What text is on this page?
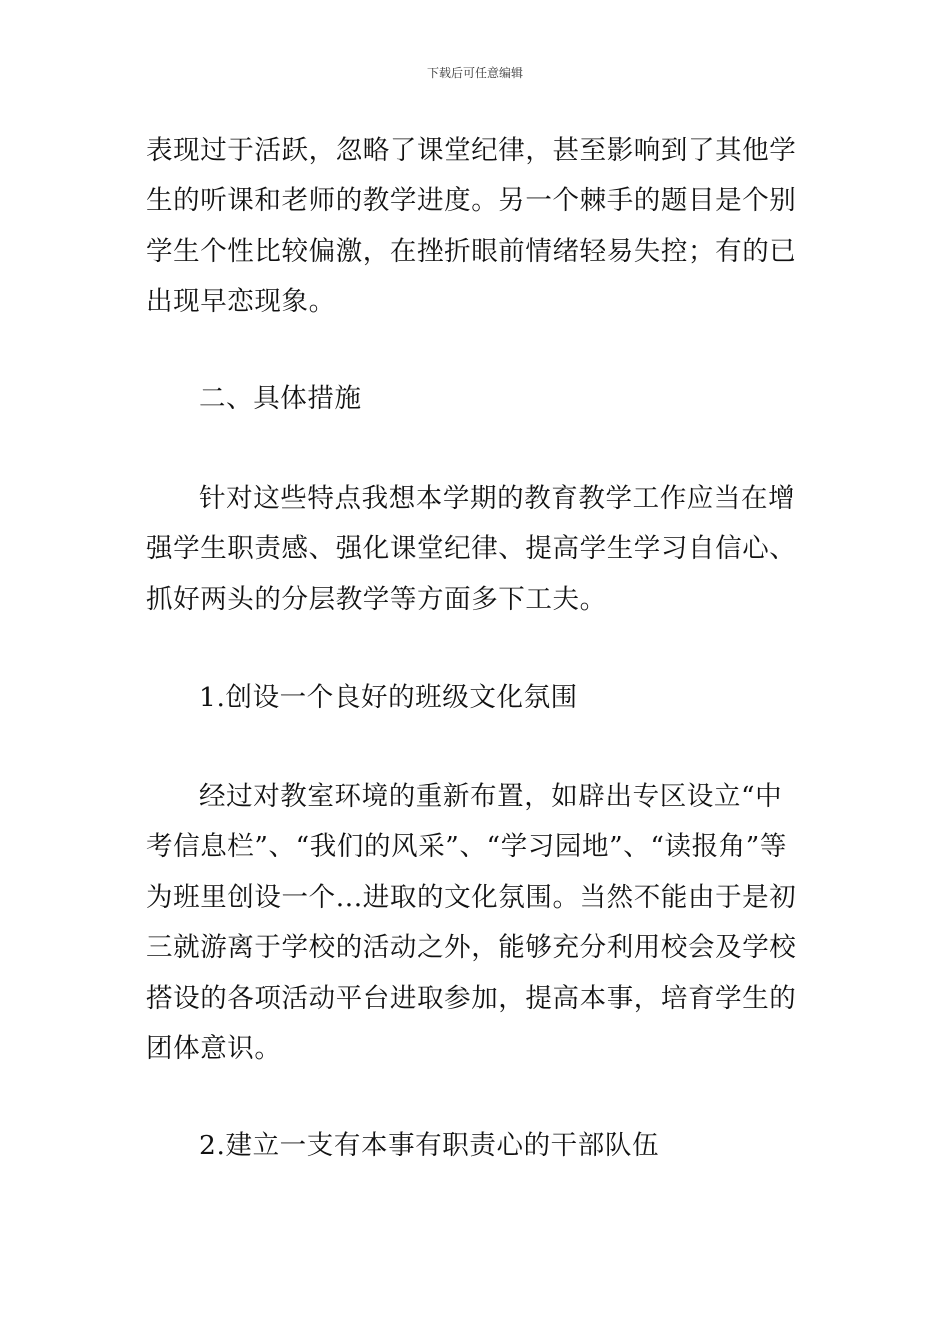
下载后可任意编辑

表现过于活跃，忽略了课堂纪律，甚至影响到了其他学生的听课和老师的教学进度。另一个棘手的题目是个别学生个性比较偏激，在挫折眼前情绪轻易失控；有的已出现早恋现象。

二、具体措施

针对这些特点我想本学期的教育教学工作应当在增强学生职责感、强化课堂纪律、提高学生学习自信心、抓好两头的分层教学等方面多下工夫。

1.创设一个良好的班级文化氛围

经过对教室环境的重新布置，如辟出专区设立“中考信息栏”、“我们的风采”、“学习园地”、“读报角”等为班里创设一个...进取的文化氛围。当然不能由于是初三就游离于学校的活动之外，能够充分利用校会及学校搭设的各项活动平台进取参加，提高本事，培育学生的团体意识。

2.建立一支有本事有职责心的干部队伍
